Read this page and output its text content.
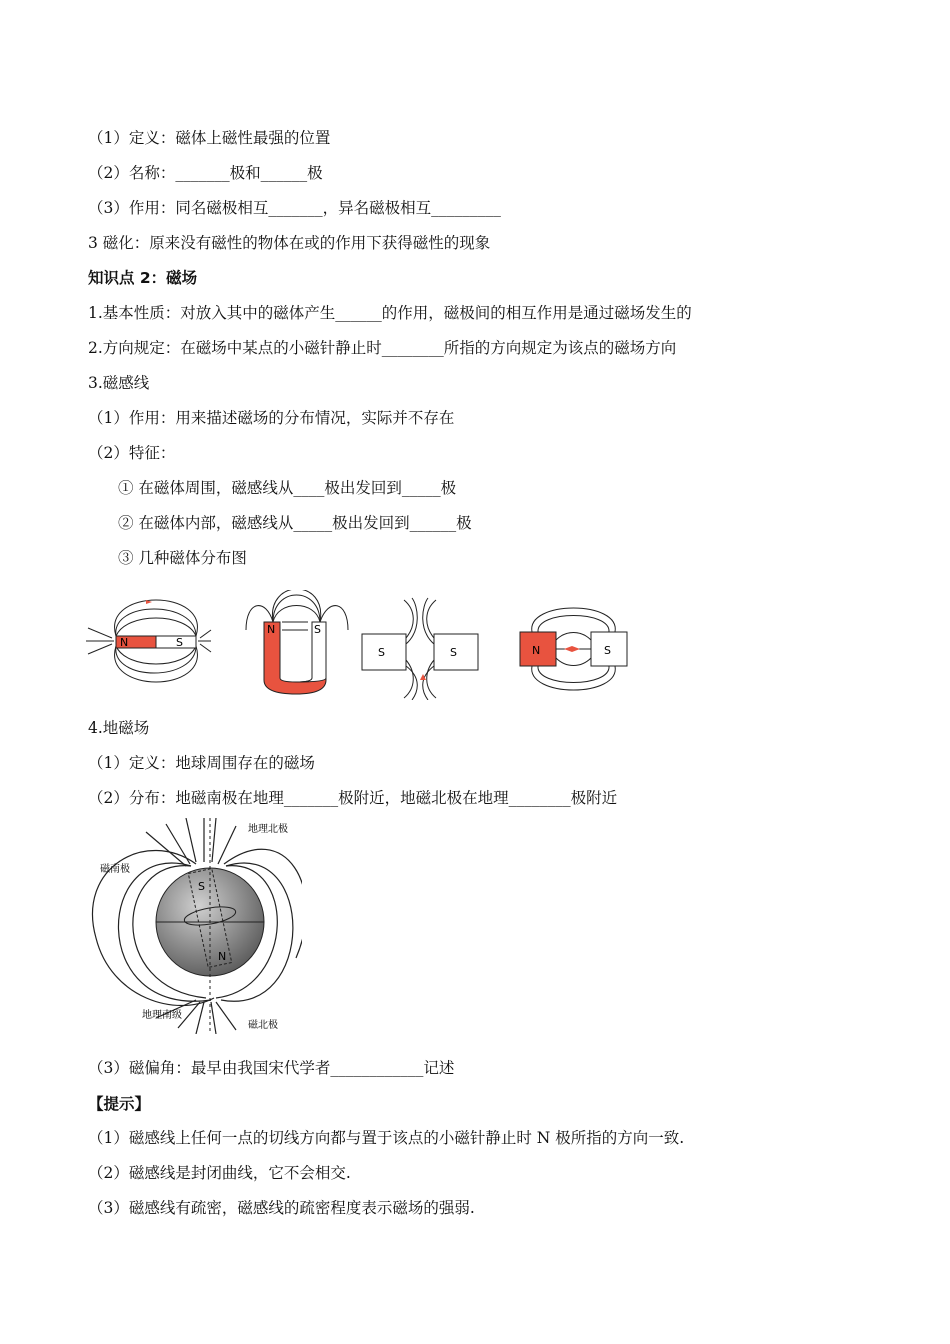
（1）定义：磁体上磁性最强的位置
（2）名称：_______极和______极
（3）作用：同名磁极相互_______，异名磁极相互_________
3 磁化：原来没有磁性的物体在或的作用下获得磁性的现象
知识点 2：磁场
1.基本性质：对放入其中的磁体产生______的作用，磁极间的相互作用是通过磁场发生的
2.方向规定：在磁场中某点的小磁针静止时________所指的方向规定为该点的磁场方向
3.磁感线
（1）作用：用来描述磁场的分布情况，实际并不存在
（2）特征：
① 在磁体周围，磁感线从____极出发回到_____极
② 在磁体内部，磁感线从_____极出发回到______极
③ 几种磁体分布图
N	S
N	S
S	S	N	S
4.地磁场
（1）定义：地球周围存在的磁场
（2）分布：地磁南极在地理_______极附近，地磁北极在地理________极附近
S
N
地理北极
磁南极
地理南级
磁北极
（3）磁偏角：最早由我国宋代学者____________记述
【提示】
（1）磁感线上任何一点的切线方向都与置于该点的小磁针静止时 N 极所指的方向一致.
（2）磁感线是封闭曲线，它不会相交.
（3）磁感线有疏密，磁感线的疏密程度表示磁场的强弱.
